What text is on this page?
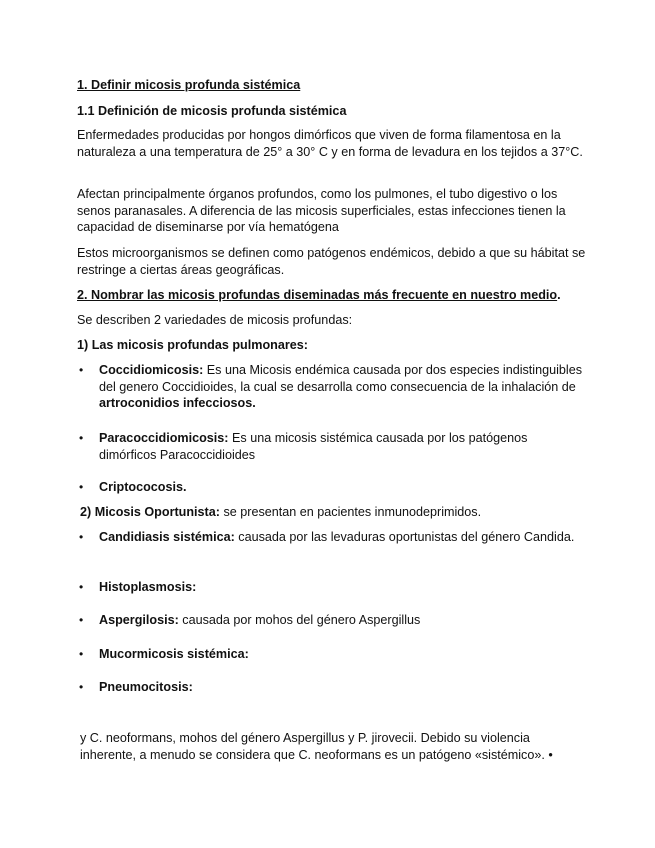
1. Definir micosis profunda sistémica

1.1 Definición de micosis profunda sistémica

Enfermedades producidas por hongos dimórficos que viven de forma filamentosa en la naturaleza a una temperatura de 25° a 30° C y en forma de levadura en los tejidos a 37°C.

Afectan principalmente órganos profundos, como los pulmones, el tubo digestivo o los senos paranasales. A diferencia de las micosis superficiales, estas infecciones tienen la capacidad de diseminarse por vía hematógena

Estos microorganismos se definen como patógenos endémicos, debido a que su hábitat se restringe a ciertas áreas geográficas.

2. Nombrar las micosis profundas diseminadas más frecuente en nuestro medio.

Se describen 2 variedades de micosis profundas:

1) Las micosis profundas pulmonares:

• Coccidiomicosis: Es una Micosis endémica causada por dos especies indistinguibles del genero Coccidioides, la cual se desarrolla como consecuencia de la inhalación de artroconidios infecciosos.
• Paracoccidiomicosis: Es una micosis sistémica causada por los patógenos dimórficos Paracoccidioides
• Criptococosis.

2) Micosis Oportunista: se presentan en pacientes inmunodeprimidos.

• Candidiasis sistémica: causada por las levaduras oportunistas del género Candida.
• Histoplasmosis:
• Aspergilosis: causada por mohos del género Aspergillus
• Mucormicosis sistémica:
• Pneumocitosis:

y C. neoformans, mohos del género Aspergillus y P. jirovecii. Debido su violencia inherente, a menudo se considera que C. neoformans es un patógeno «sistémico». •
